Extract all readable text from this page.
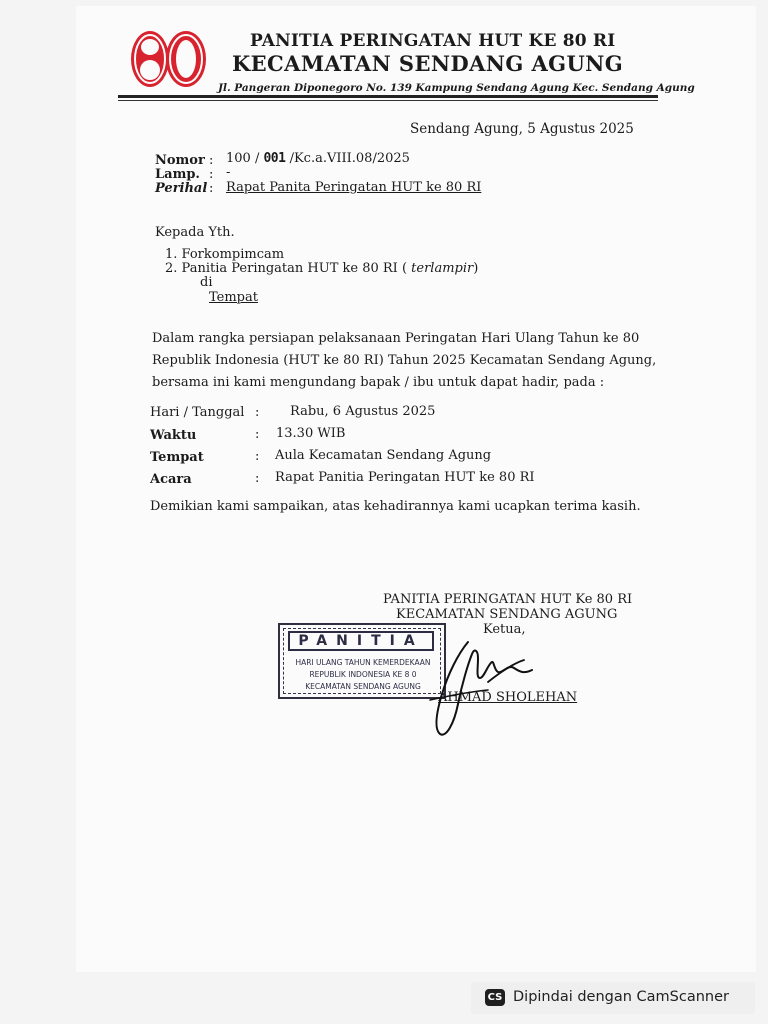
PANITIA PERINGATAN HUT KE 80 RI
KECAMATAN SENDANG AGUNG
Jl. Pangeran Diponegoro No. 139 Kampung Sendang Agung Kec. Sendang Agung
Sendang Agung, 5 Agustus 2025
Nomor : 100 / 001 /Kc.a.VIII.08/2025
Lamp. : -
Perihal : Rapat Panita Peringatan HUT ke 80 RI
Kepada Yth.
1. Forkompimcam
2. Panitia Peringatan HUT ke 80 RI ( terlampir)
di
Tempat
Dalam rangka persiapan pelaksanaan Peringatan Hari Ulang Tahun ke 80
Republik Indonesia (HUT ke 80 RI) Tahun 2025 Kecamatan Sendang Agung,
bersama ini kami mengundang bapak / ibu untuk dapat hadir, pada :
Hari / Tanggal : Rabu, 6 Agustus 2025
Waktu	: 13.30 WIB
Tempat	: Aula Kecamatan Sendang Agung
Acara	: Rapat Panitia Peringatan HUT ke 80 RI
Demikian kami sampaikan, atas kehadirannya kami ucapkan terima kasih.
PANITIA PERINGATAN HUT Ke 80 RI
KECAMATAN SENDANG AGUNG
Ketua,
AHMAD SHOLEHAN
PANITIA
HARI ULANG TAHUN KEMERDEKAAN
REPUBLIK INDONESIA KE 8 0
KECAMATAN SENDANG AGUNG
CS Dipindai dengan CamScanner
